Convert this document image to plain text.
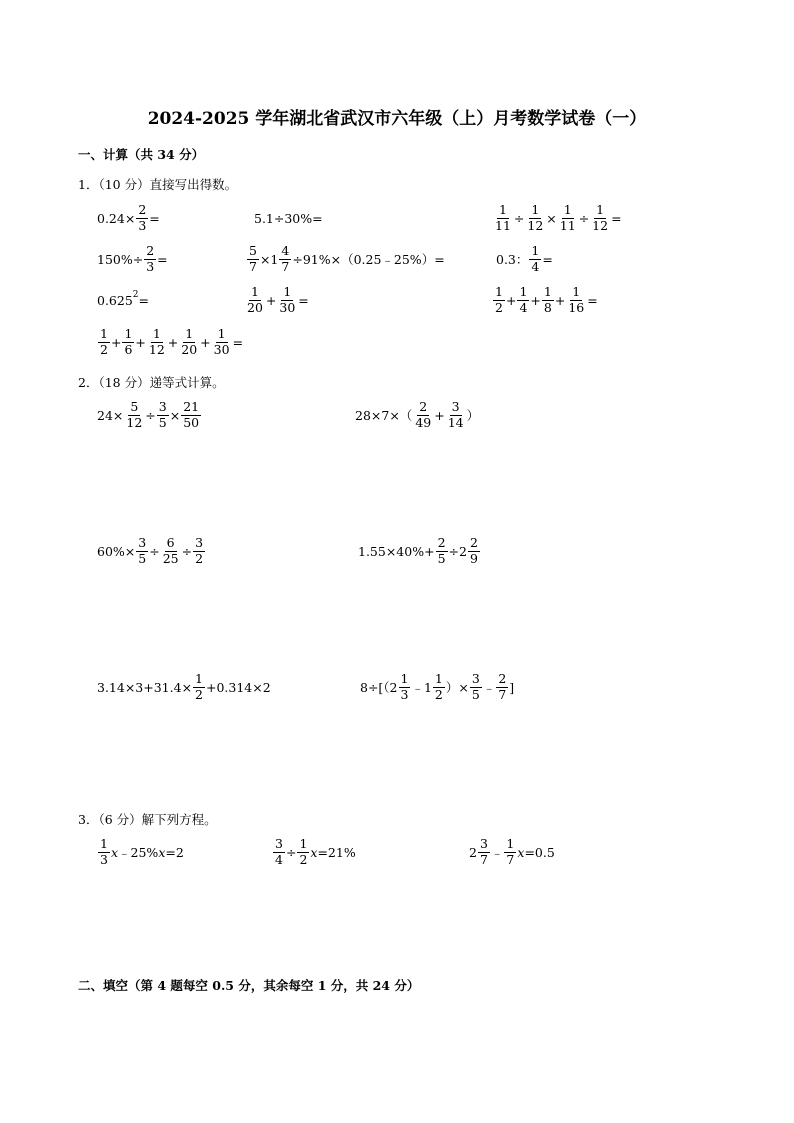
2024-2025 学年湖北省武汉市六年级（上）月考数学试卷（一）
一、计算（共 34 分）
1．（10 分）直接写出得数。
$0.24\times \frac{2}{3}$ =	5.1÷30%=	$\frac{1}{11} \div \frac{1}{12} \times \frac{1}{11} \div \frac{1}{12}$ =
$150\%\div \frac{2}{3}$ =	$\frac{5}{7} \times 1 \frac{4}{7}$ ÷91%×（0.25﹣25%）=	0.3： $\frac{1}{4}$ =
0.625 2 =	$\frac{1}{20} + \frac{1}{30}$ =	$\frac{1}{2} + \frac{1}{4} + \frac{1}{8} + \frac{1}{16}$ =
$\frac{1}{2} + \frac{1}{6} + \frac{1}{12} + \frac{1}{20} + \frac{1}{30}$ =
2．（18 分）递等式计算。
$24\times \frac{5}{12} \div \frac{3}{5} \times \frac{21}{50}$	$28\times 7\times( \frac{2}{49} + \frac{3}{14}$ ）
$60\%\times \frac{3}{5} \div \frac{6}{25} \div \frac{3}{2}$	$1.55\times 40\%+ \frac{2}{5} \div 2 \frac{2}{9}$
$3.14\times 3+31.4\times \frac{1}{2} +0.314\times 2$	$8\div[(2 \frac{1}{3}$ ﹣1 $\frac{1}{2}$ ）× $\frac{3}{5}$ ﹣ $\frac{2}{7}$ ]
3．（6 分）解下列方程。
$\frac{1}{3}$ x ﹣25% x =2	$\frac{3}{4} \div \frac{1}{2}$ x =21%	$2 \frac{3}{7}$ ﹣ $\frac{1}{7}$ x =0.5
二、填空（第 4 题每空 0.5 分，其余每空 1 分，共 24 分）
